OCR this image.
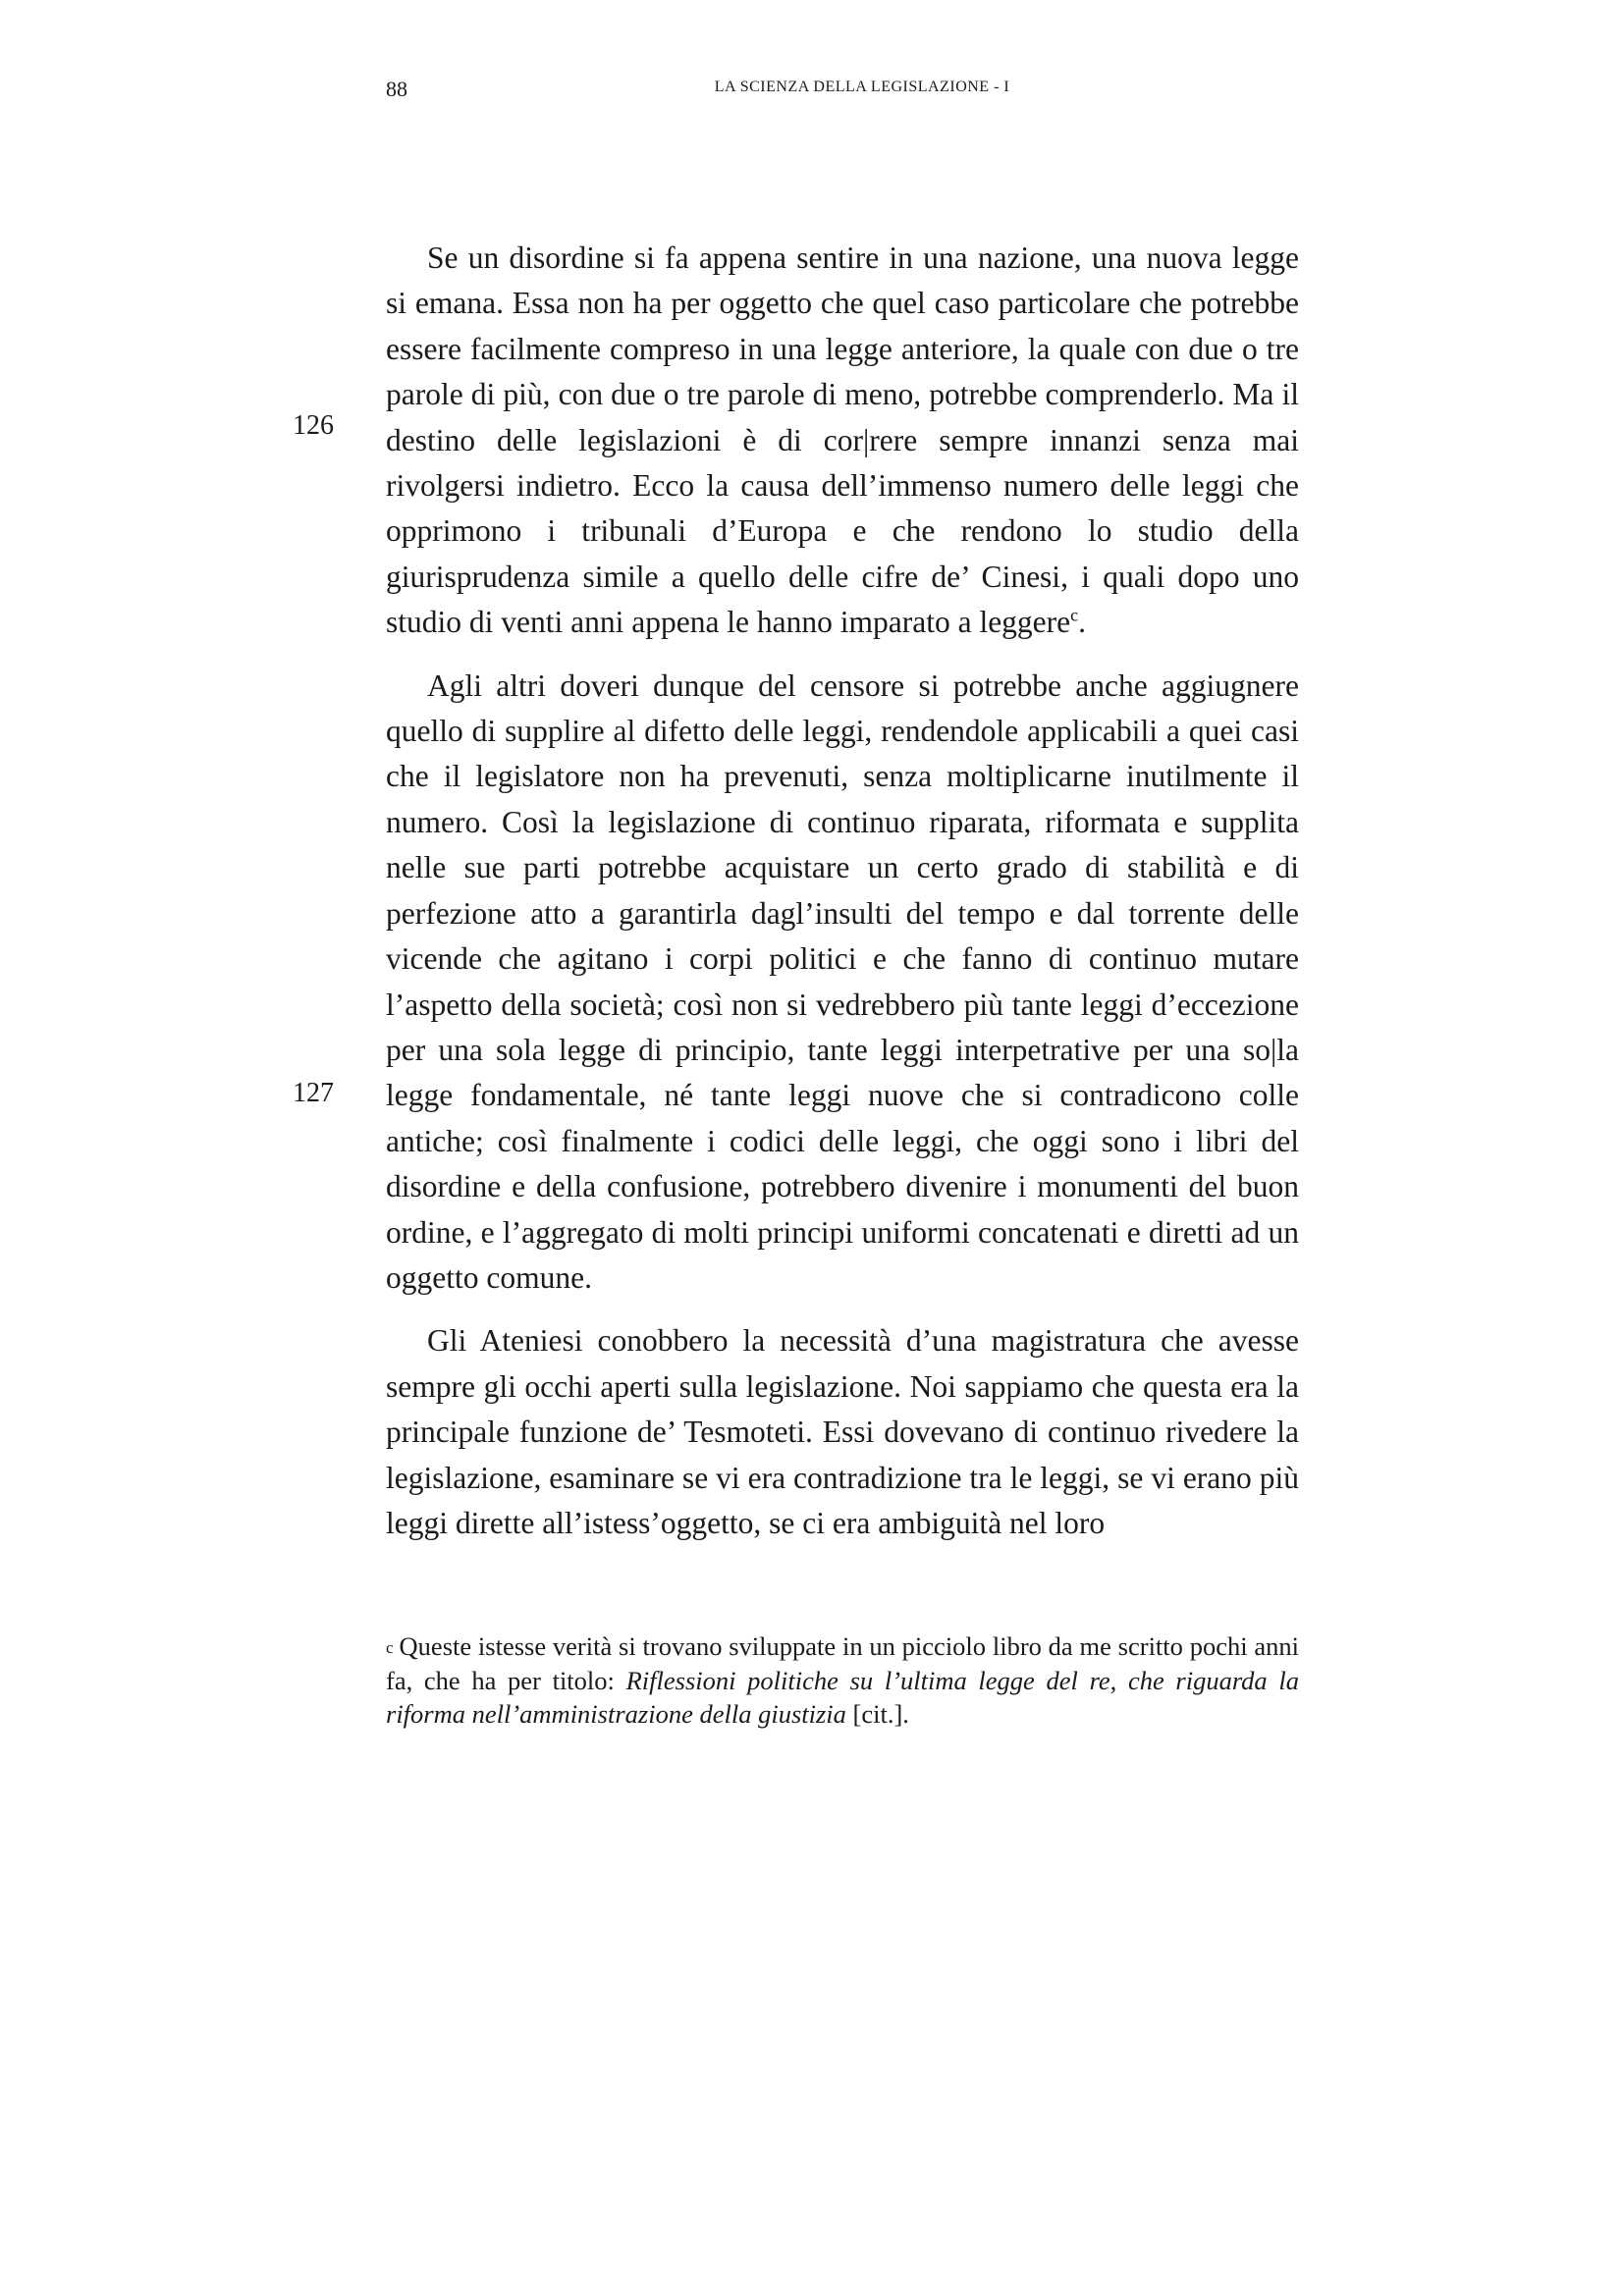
88	LA SCIENZA DELLA LEGISLAZIONE - I
126
127

Se un disordine si fa appena sentire in una nazione, una nuova legge si emana. Essa non ha per oggetto che quel caso particolare che potrebbe essere facilmente compreso in una legge anteriore, la quale con due o tre parole di più, con due o tre parole di meno, potrebbe comprenderlo. Ma il destino delle legislazioni è di cor|rere sempre innanzi senza mai rivolgersi indietro. Ecco la causa dell’immenso numero delle leggi che opprimono i tribunali d’Europa e che rendono lo studio della giurisprudenza simile a quello delle cifre de’ Cinesi, i quali dopo uno studio di venti anni appena le hanno imparato a leggere$^c$.

Agli altri doveri dunque del censore si potrebbe anche aggiugnere quello di supplire al difetto delle leggi, rendendole applicabili a quei casi che il legislatore non ha prevenuti, senza moltiplicarne inutilmente il numero. Così la legislazione di continuo riparata, riformata e supplita nelle sue parti potrebbe acquistare un certo grado di stabilità e di perfezione atto a garantirla dagl’insulti del tempo e dal torrente delle vicende che agitano i corpi politici e che fanno di continuo mutare l’aspetto della società; così non si vedrebbero più tante leggi d’eccezione per una sola legge di principio, tante leggi interpetrative per una so|la legge fondamentale, né tante leggi nuove che si contradicono colle antiche; così finalmente i codici delle leggi, che oggi sono i libri del disordine e della confusione, potrebbero divenire i monumenti del buon ordine, e l’aggregato di molti principi uniformi concatenati e diretti ad un oggetto comune.

Gli Ateniesi conobbero la necessità d’una magistratura che avesse sempre gli occhi aperti sulla legislazione. Noi sappiamo che questa era la principale funzione de’ Tesmoteti. Essi dovevano di continuo rivedere la legislazione, esaminare se vi era contradizione tra le leggi, se vi erano più leggi dirette all’istess’oggetto, se ci era ambiguità nel loro

$^c$ Queste istesse verità si trovano sviluppate in un picciolo libro da me scritto pochi anni fa, che ha per titolo: Riflessioni politiche su l’ultima legge del re, che riguarda la riforma nell’amministrazione della giustizia [cit.].
